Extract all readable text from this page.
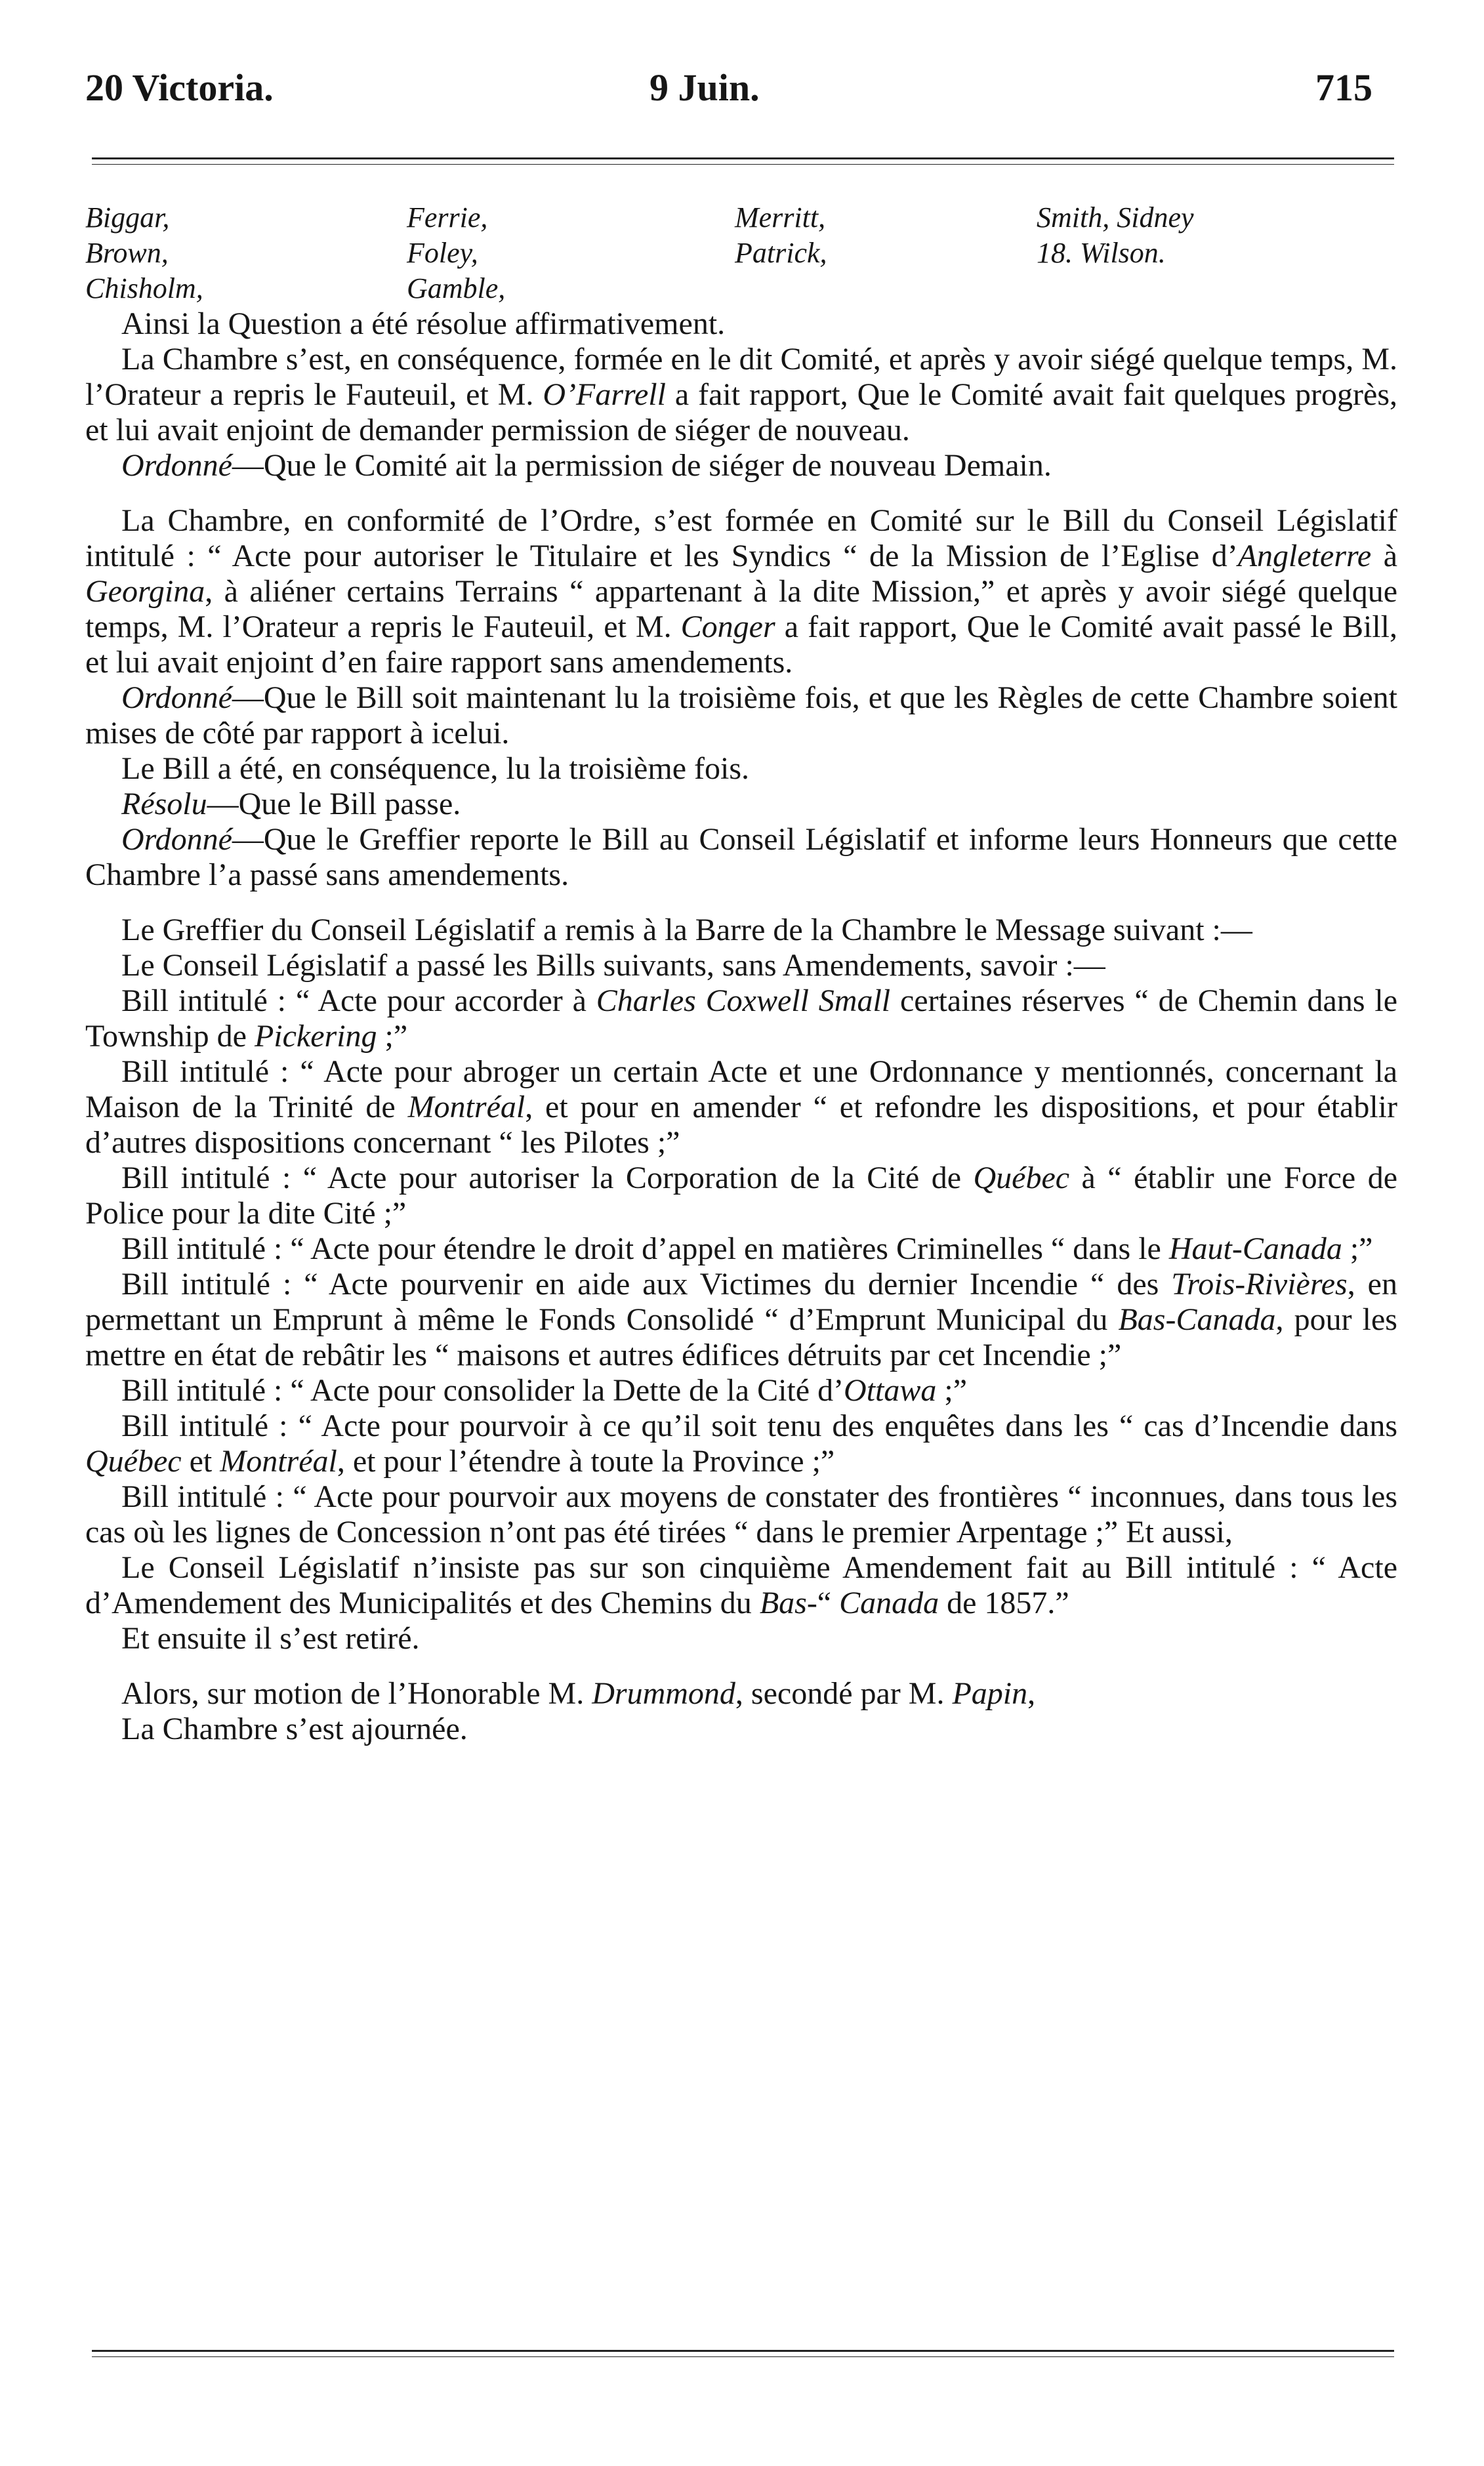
20 Victoria.	9 Juin.	715
Biggar,
Brown,
Chisholm,
Ferrie,
Foley,
Gamble,
Merritt,
Patrick,
Smith, Sidney
18. Wilson.

Ainsi la Question a été résolue affirmativement.

La Chambre s’est, en conséquence, formée en le dit Comité, et après y avoir siégé quelque temps, M. l’Orateur a repris le Fauteuil, et M. O’Farrell a fait rapport, Que le Comité avait fait quelques progrès, et lui avait enjoint de demander permission de siéger de nouveau.

Ordonné—Que le Comité ait la permission de siéger de nouveau Demain.

La Chambre, en conformité de l’Ordre, s’est formée en Comité sur le Bill du Conseil Législatif intitulé : “ Acte pour autoriser le Titulaire et les Syndics “ de la Mission de l’Eglise d’Angleterre à Georgina, à aliéner certains Terrains “ appartenant à la dite Mission,” et après y avoir siégé quelque temps, M. l’Orateur a repris le Fauteuil, et M. Conger a fait rapport, Que le Comité avait passé le Bill, et lui avait enjoint d’en faire rapport sans amendements.

Ordonné—Que le Bill soit maintenant lu la troisième fois, et que les Règles de cette Chambre soient mises de côté par rapport à icelui.

Le Bill a été, en conséquence, lu la troisième fois.

Résolu—Que le Bill passe.

Ordonné—Que le Greffier reporte le Bill au Conseil Législatif et informe leurs Honneurs que cette Chambre l’a passé sans amendements.

Le Greffier du Conseil Législatif a remis à la Barre de la Chambre le Message suivant :—

Le Conseil Législatif a passé les Bills suivants, sans Amendements, savoir :—

Bill intitulé : “ Acte pour accorder à Charles Coxwell Small certaines réserves “ de Chemin dans le Township de Pickering ;”

Bill intitulé : “ Acte pour abroger un certain Acte et une Ordonnance y mentionnés, concernant la Maison de la Trinité de Montréal, et pour en amender “ et refondre les dispositions, et pour établir d’autres dispositions concernant “ les Pilotes ;”

Bill intitulé : “ Acte pour autoriser la Corporation de la Cité de Québec à “ établir une Force de Police pour la dite Cité ;”

Bill intitulé : “ Acte pour étendre le droit d’appel en matières Criminelles “ dans le Haut-Canada ;”

Bill intitulé : “ Acte pourvenir en aide aux Victimes du dernier Incendie “ des Trois-Rivières, en permettant un Emprunt à même le Fonds Consolidé “ d’Emprunt Municipal du Bas-Canada, pour les mettre en état de rebâtir les “ maisons et autres édifices détruits par cet Incendie ;”

Bill intitulé : “ Acte pour consolider la Dette de la Cité d’Ottawa ;”

Bill intitulé : “ Acte pour pourvoir à ce qu’il soit tenu des enquêtes dans les “ cas d’Incendie dans Québec et Montréal, et pour l’étendre à toute la Province ;”

Bill intitulé : “ Acte pour pourvoir aux moyens de constater des frontières “ inconnues, dans tous les cas où les lignes de Concession n’ont pas été tirées “ dans le premier Arpentage ;” Et aussi,

Le Conseil Législatif n’insiste pas sur son cinquième Amendement fait au Bill intitulé : “ Acte d’Amendement des Municipalités et des Chemins du Bas-“ Canada de 1857.”

Et ensuite il s’est retiré.

Alors, sur motion de l’Honorable M. Drummond, secondé par M. Papin,

La Chambre s’est ajournée.
